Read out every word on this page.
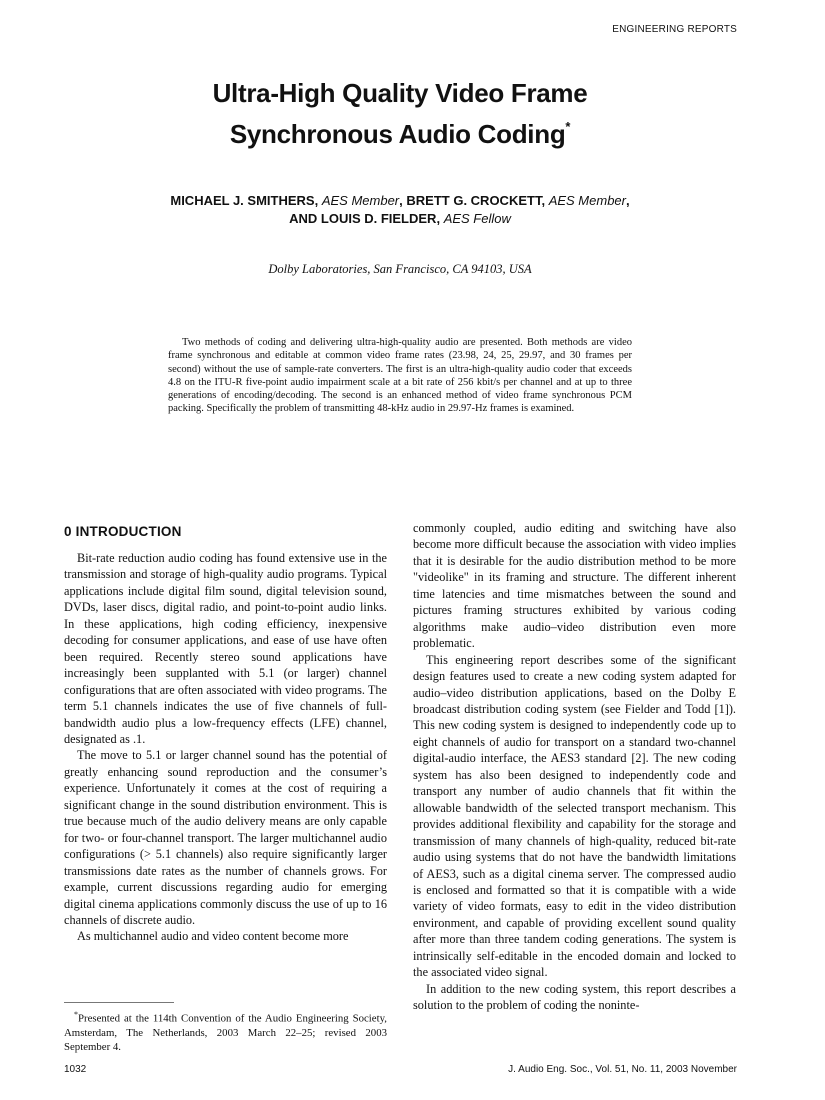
ENGINEERING REPORTS
Ultra-High Quality Video Frame
Synchronous Audio Coding*
MICHAEL J. SMITHERS, AES Member, BRETT G. CROCKETT, AES Member,
AND LOUIS D. FIELDER, AES Fellow
Dolby Laboratories, San Francisco, CA 94103, USA

Two methods of coding and delivering ultra-high-quality audio are presented. Both methods are video frame synchronous and editable at common video frame rates (23.98, 24, 25, 29.97, and 30 frames per second) without the use of sample-rate converters. The first is an ultra-high-quality audio coder that exceeds 4.8 on the ITU-R five-point audio impairment scale at a bit rate of 256 kbit/s per channel and at up to three generations of encoding/decoding. The second is an enhanced method of video frame synchronous PCM packing. Specifically the problem of transmitting 48-kHz audio in 29.97-Hz frames is examined.

0 INTRODUCTION

Bit-rate reduction audio coding has found extensive use in the transmission and storage of high-quality audio programs. Typical applications include digital film sound, digital television sound, DVDs, laser discs, digital radio, and point-to-point audio links. In these applications, high coding efficiency, inexpensive decoding for consumer applications, and ease of use have often been required. Recently stereo sound applications have increasingly been supplanted with 5.1 (or larger) channel configurations that are often associated with video programs. The term 5.1 channels indicates the use of five channels of full-bandwidth audio plus a low-frequency effects (LFE) channel, designated as .1.

The move to 5.1 or larger channel sound has the potential of greatly enhancing sound reproduction and the consumer’s experience. Unfortunately it comes at the cost of requiring a significant change in the sound distribution environment. This is true because much of the audio delivery means are only capable for two- or four-channel transport. The larger multichannel audio configurations (> 5.1 channels) also require significantly larger transmissions date rates as the number of channels grows. For example, current discussions regarding audio for emerging digital cinema applications commonly discuss the use of up to 16 channels of discrete audio.

As multichannel audio and video content become more

commonly coupled, audio editing and switching have also become more difficult because the association with video implies that it is desirable for the audio distribution method to be more "videolike" in its framing and structure. The different inherent time latencies and time mismatches between the sound and pictures framing structures exhibited by various coding algorithms make audio–video distribution even more problematic.

This engineering report describes some of the significant design features used to create a new coding system adapted for audio–video distribution applications, based on the Dolby E broadcast distribution coding system (see Fielder and Todd [1]). This new coding system is designed to independently code up to eight channels of audio for transport on a standard two-channel digital-audio interface, the AES3 standard [2]. The new coding system has also been designed to independently code and transport any number of audio channels that fit within the allowable bandwidth of the selected transport mechanism. This provides additional flexibility and capability for the storage and transmission of many channels of high-quality, reduced bit-rate audio using systems that do not have the bandwidth limitations of AES3, such as a digital cinema server. The compressed audio is enclosed and formatted so that it is compatible with a wide variety of video formats, easy to edit in the video distribution environment, and capable of providing excellent sound quality after more than three tandem coding generations. The system is intrinsically self-editable in the encoded domain and locked to the associated video signal.

In addition to the new coding system, this report describes a solution to the problem of coding the noninte-

*Presented at the 114th Convention of the Audio Engineering Society, Amsterdam, The Netherlands, 2003 March 22–25; revised 2003 September 4.

1032	J. Audio Eng. Soc., Vol. 51, No. 11, 2003 November
